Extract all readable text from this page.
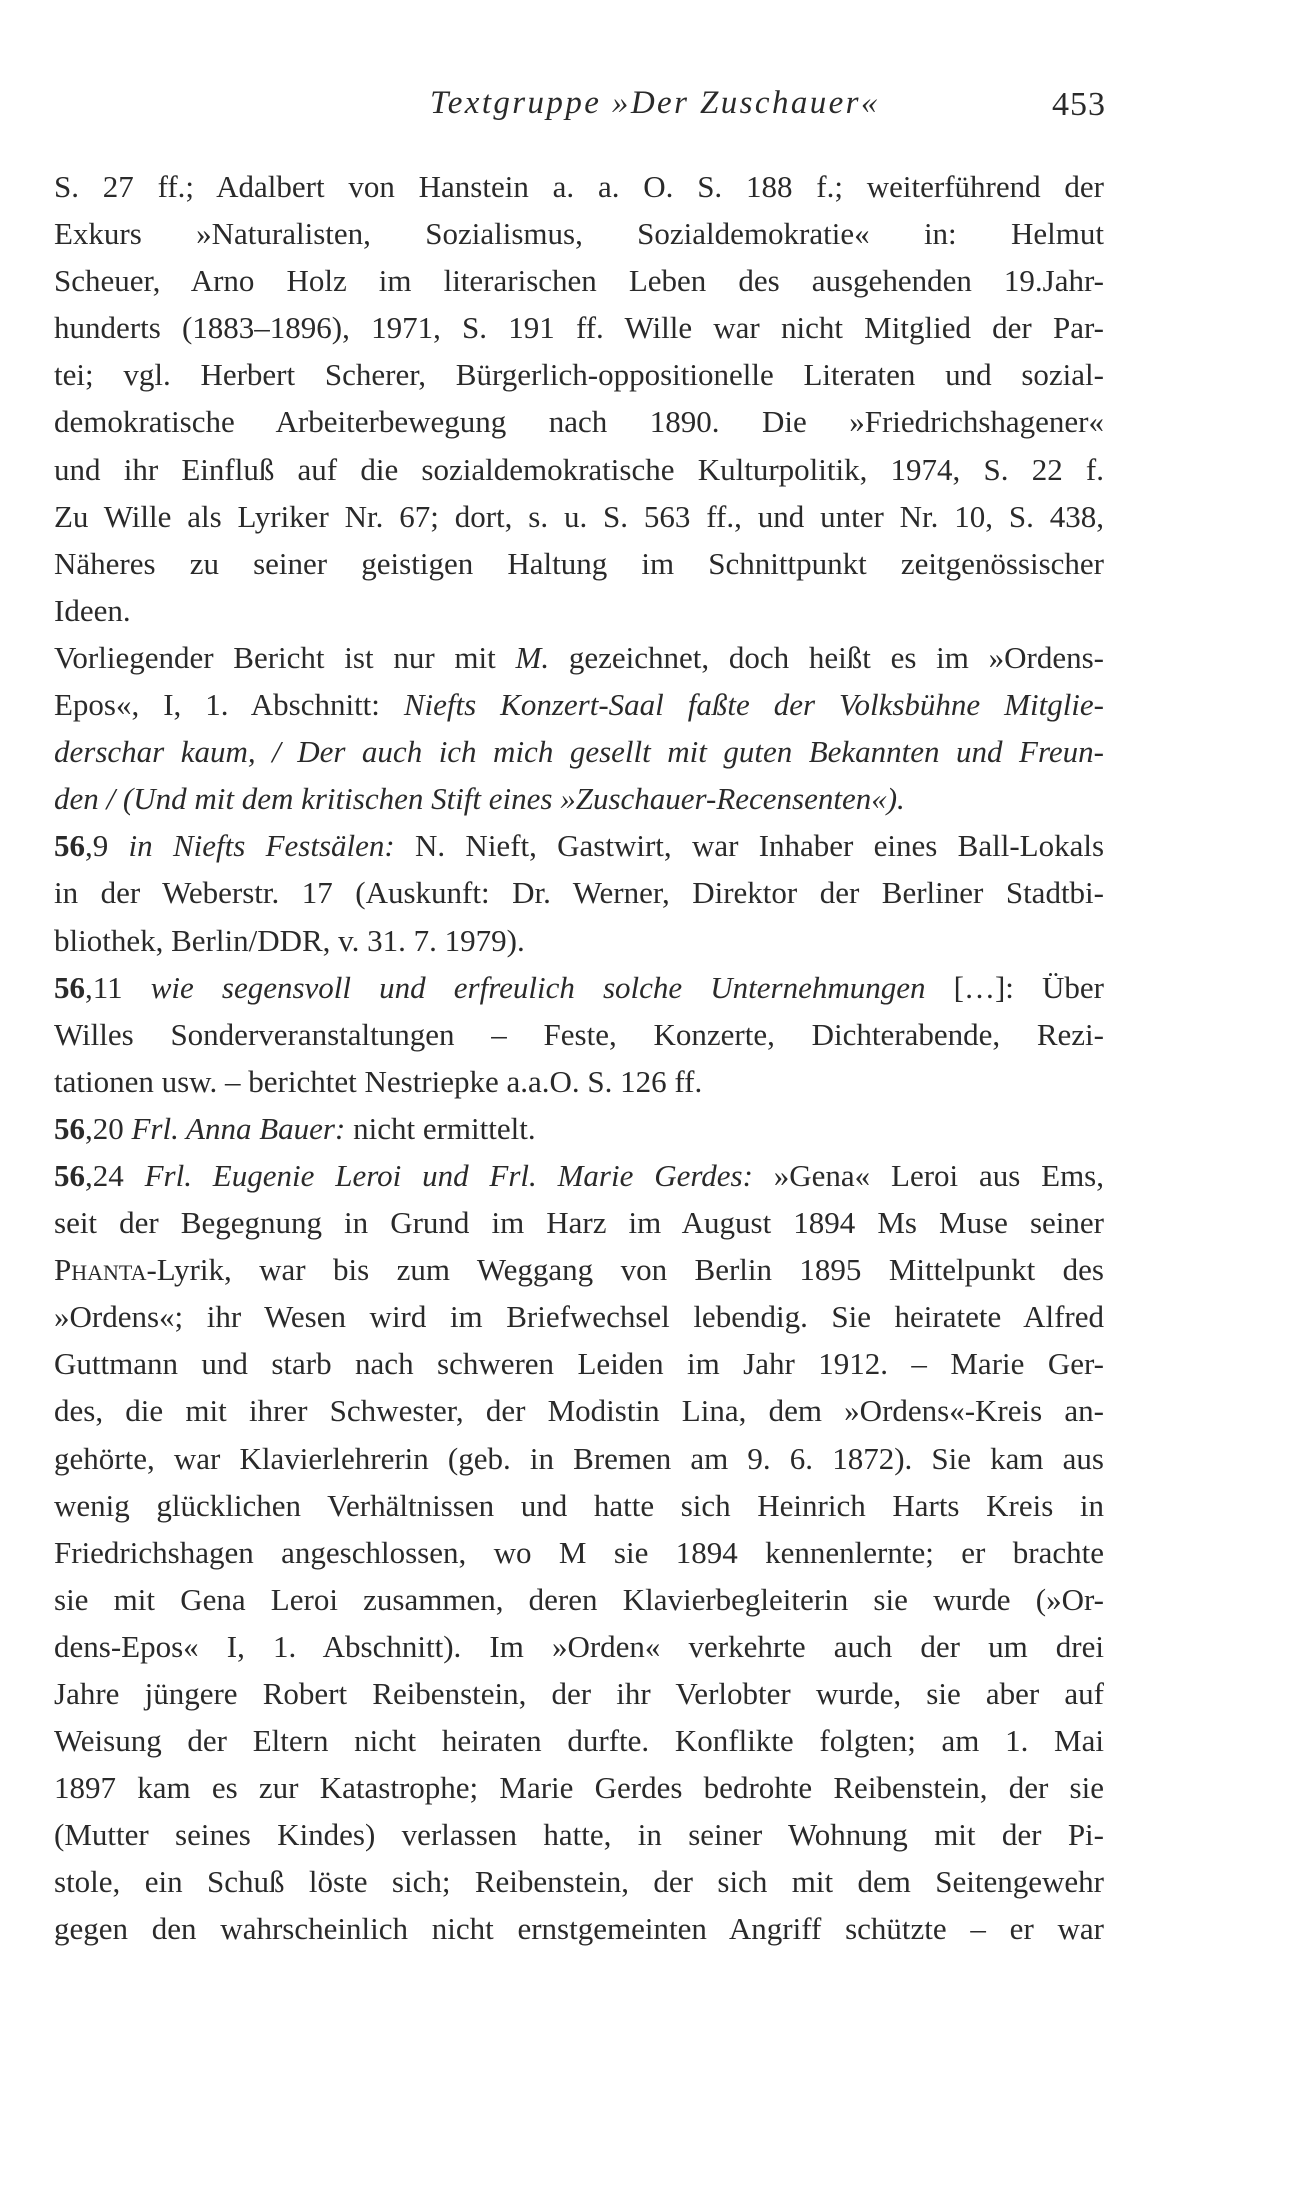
Textgruppe »Der Zuschauer«	453
S. 27 ff.; Adalbert von Hanstein a. a. O. S. 188 f.; weiterführend der
Exkurs »Naturalisten, Sozialismus, Sozialdemokratie« in: Helmut
Scheuer, Arno Holz im literarischen Leben des ausgehenden 19.Jahr-
hunderts (1883–1896), 1971, S. 191 ff. Wille war nicht Mitglied der Par-
tei; vgl. Herbert Scherer, Bürgerlich-oppositionelle Literaten und sozial-
demokratische Arbeiterbewegung nach 1890. Die »Friedrichshagener«
und ihr Einfluß auf die sozialdemokratische Kulturpolitik, 1974, S. 22 f.
Zu Wille als Lyriker Nr. 67; dort, s. u. S. 563 ff., und unter Nr. 10, S. 438,
Näheres zu seiner geistigen Haltung im Schnittpunkt zeitgenössischer
Ideen.
Vorliegender Bericht ist nur mit M. gezeichnet, doch heißt es im »Ordens-
Epos«, I, 1. Abschnitt: Niefts Konzert-Saal faßte der Volksbühne Mitglie-
derschar kaum, / Der auch ich mich gesellt mit guten Bekannten und Freun-
den / (Und mit dem kritischen Stift eines »Zuschauer-Recensenten«).
56,9 in Niefts Festsälen: N. Nieft, Gastwirt, war Inhaber eines Ball-Lokals
in der Weberstr. 17 (Auskunft: Dr. Werner, Direktor der Berliner Stadtbi-
bliothek, Berlin/DDR, v. 31. 7. 1979).
56,11 wie segensvoll und erfreulich solche Unternehmungen […]: Über
Willes Sonderveranstaltungen – Feste, Konzerte, Dichterabende, Rezi-
tationen usw. – berichtet Nestriepke a.a.O. S. 126 ff.
56,20 Frl. Anna Bauer: nicht ermittelt.
56,24 Frl. Eugenie Leroi und Frl. Marie Gerdes: »Gena« Leroi aus Ems,
seit der Begegnung in Grund im Harz im August 1894 Ms Muse seiner
Phanta-Lyrik, war bis zum Weggang von Berlin 1895 Mittelpunkt des
»Ordens«; ihr Wesen wird im Briefwechsel lebendig. Sie heiratete Alfred
Guttmann und starb nach schweren Leiden im Jahr 1912. – Marie Ger-
des, die mit ihrer Schwester, der Modistin Lina, dem »Ordens«-Kreis an-
gehörte, war Klavierlehrerin (geb. in Bremen am 9. 6. 1872). Sie kam aus
wenig glücklichen Verhältnissen und hatte sich Heinrich Harts Kreis in
Friedrichshagen angeschlossen, wo M sie 1894 kennenlernte; er brachte
sie mit Gena Leroi zusammen, deren Klavierbegleiterin sie wurde (»Or-
dens-Epos« I, 1. Abschnitt). Im »Orden« verkehrte auch der um drei
Jahre jüngere Robert Reibenstein, der ihr Verlobter wurde, sie aber auf
Weisung der Eltern nicht heiraten durfte. Konflikte folgten; am 1. Mai
1897 kam es zur Katastrophe; Marie Gerdes bedrohte Reibenstein, der sie
(Mutter seines Kindes) verlassen hatte, in seiner Wohnung mit der Pi-
stole, ein Schuß löste sich; Reibenstein, der sich mit dem Seitengewehr
gegen den wahrscheinlich nicht ernstgemeinten Angriff schützte – er war
